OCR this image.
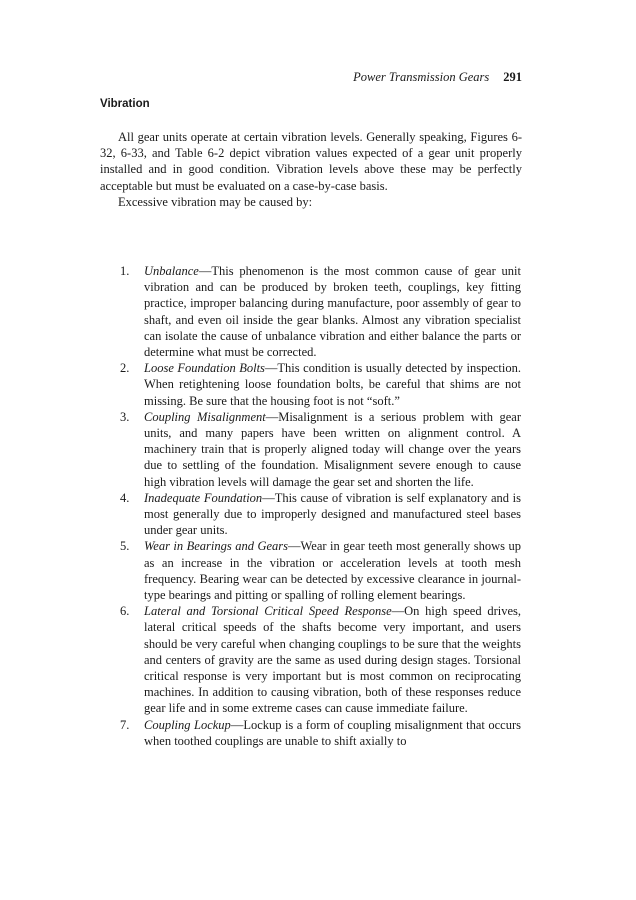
Power Transmission Gears 291
Vibration

All gear units operate at certain vibration levels. Generally speaking, Figures 6-32, 6-33, and Table 6-2 depict vibration values expected of a gear unit properly installed and in good condition. Vibration levels above these may be perfectly acceptable but must be evaluated on a case-by-case basis.

Excessive vibration may be caused by:

1. Unbalance—This phenomenon is the most common cause of gear unit vibration and can be produced by broken teeth, couplings, key fitting practice, improper balancing during manufacture, poor assembly of gear to shaft, and even oil inside the gear blanks. Almost any vibration specialist can isolate the cause of unbalance vibration and either balance the parts or determine what must be corrected.
2. Loose Foundation Bolts—This condition is usually detected by inspection. When retightening loose foundation bolts, be careful that shims are not missing. Be sure that the housing foot is not “soft.”
3. Coupling Misalignment—Misalignment is a serious problem with gear units, and many papers have been written on alignment control. A machinery train that is properly aligned today will change over the years due to settling of the foundation. Misalignment severe enough to cause high vibration levels will damage the gear set and shorten the life.
4. Inadequate Foundation—This cause of vibration is self explanatory and is most generally due to improperly designed and manufactured steel bases under gear units.
5. Wear in Bearings and Gears—Wear in gear teeth most generally shows up as an increase in the vibration or acceleration levels at tooth mesh frequency. Bearing wear can be detected by excessive clearance in journal-type bearings and pitting or spalling of rolling element bearings.
6. Lateral and Torsional Critical Speed Response—On high speed drives, lateral critical speeds of the shafts become very important, and users should be very careful when changing couplings to be sure that the weights and centers of gravity are the same as used during design stages. Torsional critical response is very important but is most common on reciprocating machines. In addition to causing vibration, both of these responses reduce gear life and in some extreme cases can cause immediate failure.
7. Coupling Lockup—Lockup is a form of coupling misalignment that occurs when toothed couplings are unable to shift axially to
